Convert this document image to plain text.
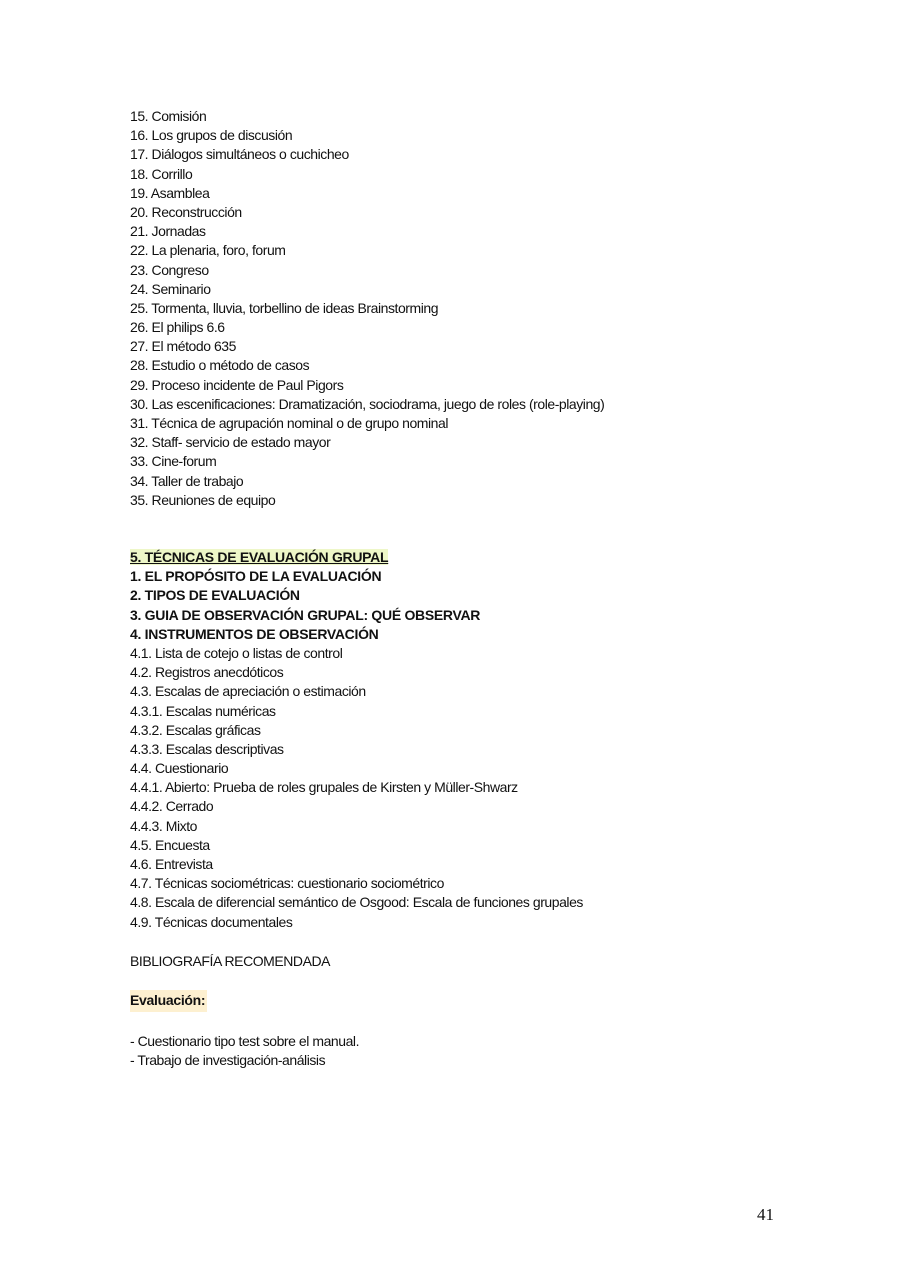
15. Comisión
16. Los grupos de discusión
17. Diálogos simultáneos o cuchicheo
18. Corrillo
19. Asamblea
20. Reconstrucción
21. Jornadas
22. La plenaria, foro, forum
23. Congreso
24. Seminario
25. Tormenta, lluvia, torbellino de ideas Brainstorming
26. El philips 6.6
27. El método 635
28. Estudio o método de casos
29. Proceso incidente de Paul Pigors
30. Las escenificaciones: Dramatización, sociodrama, juego de roles (role-playing)
31. Técnica de agrupación nominal o de grupo nominal
32. Staff- servicio de estado mayor
33. Cine-forum
34. Taller de trabajo
35. Reuniones de equipo
5. TÉCNICAS DE EVALUACIÓN GRUPAL
1. EL PROPÓSITO DE LA EVALUACIÓN
2. TIPOS DE EVALUACIÓN
3. GUIA DE OBSERVACIÓN GRUPAL: QUÉ OBSERVAR
4. INSTRUMENTOS DE OBSERVACIÓN
4.1. Lista de cotejo o listas de control
4.2. Registros anecdóticos
4.3. Escalas de apreciación o estimación
4.3.1. Escalas numéricas
4.3.2. Escalas gráficas
4.3.3. Escalas descriptivas
4.4. Cuestionario
4.4.1. Abierto: Prueba de roles grupales de Kirsten y Müller-Shwarz
4.4.2. Cerrado
4.4.3. Mixto
4.5. Encuesta
4.6. Entrevista
4.7. Técnicas sociométricas: cuestionario sociométrico
4.8. Escala de diferencial semántico de Osgood: Escala de funciones grupales
4.9. Técnicas documentales
BIBLIOGRAFÍA RECOMENDADA
Evaluación:
- Cuestionario tipo test sobre el manual.
- Trabajo de investigación-análisis
41
